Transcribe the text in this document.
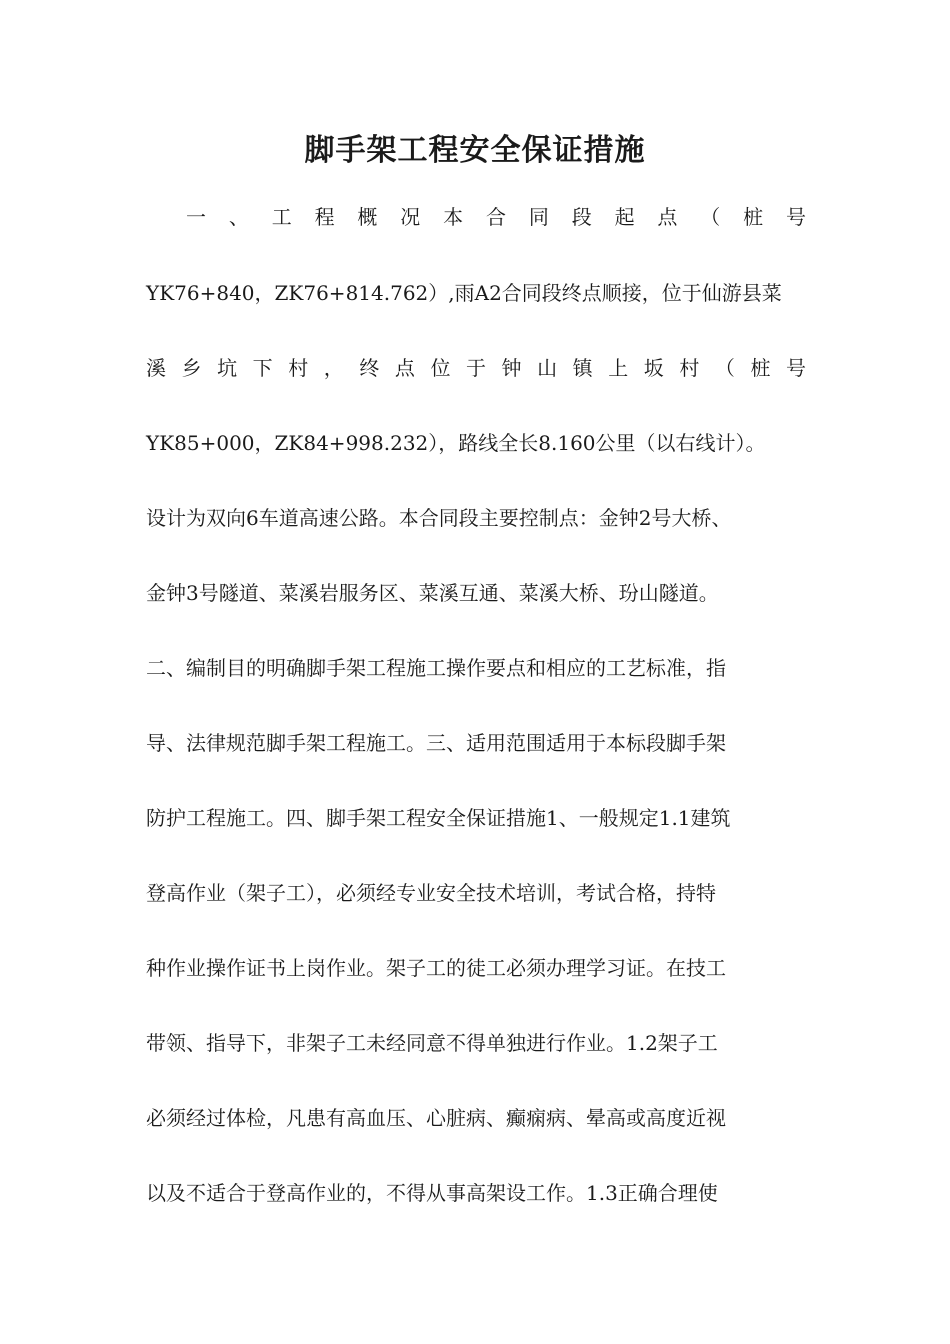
脚手架工程安全保证措施
一、工程概况本合同段起点（桩号
YK76+840，ZK76+814.762）,雨A2合同段终点顺接，位于仙游县菜
溪乡坑下村，终点位于钟山镇上坂村（桩号
YK85+000，ZK84+998.232），路线全长8.160公里（以右线计）。
设计为双向6车道高速公路。本合同段主要控制点：金钟2号大桥、
金钟3号隧道、菜溪岩服务区、菜溪互通、菜溪大桥、玢山隧道。
二、编制目的明确脚手架工程施工操作要点和相应的工艺标准，指
导、法律规范脚手架工程施工。三、适用范围适用于本标段脚手架
防护工程施工。四、脚手架工程安全保证措施1、一般规定1.1建筑
登高作业（架子工），必须经专业安全技术培训，考试合格，持特
种作业操作证书上岗作业。架子工的徒工必须办理学习证。在技工
带领、指导下，非架子工未经同意不得单独进行作业。1.2架子工
必须经过体检，凡患有高血压、心脏病、癫痫病、晕高或高度近视
以及不适合于登高作业的，不得从事高架设工作。1.3正确合理使
